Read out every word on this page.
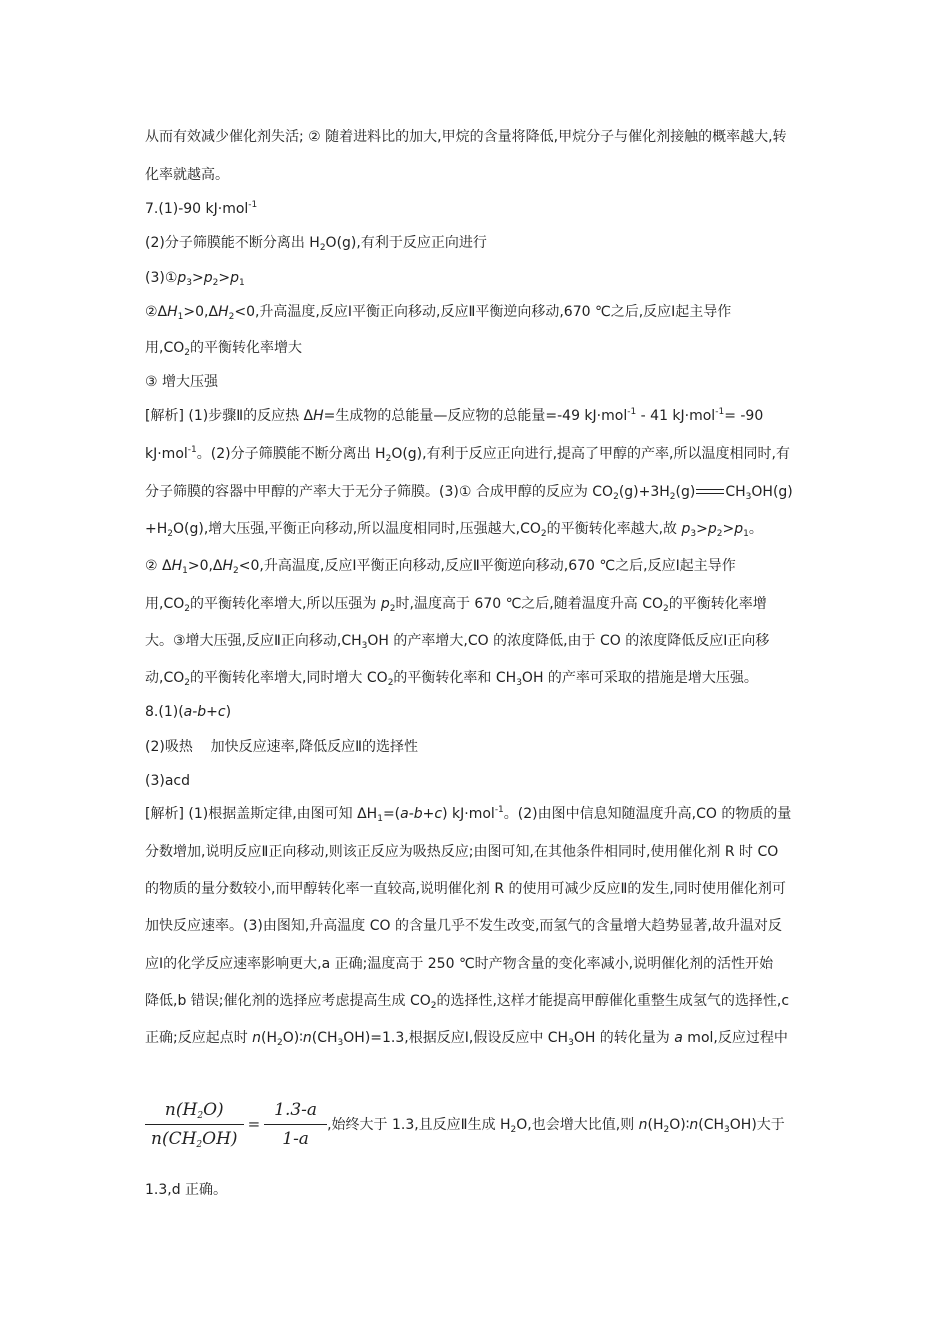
从而有效减少催化剂失活; ② 随着进料比的加大,甲烷的含量将降低,甲烷分子与催化剂接触的概率越大,转
化率就越高。
7.(1)-90 kJ·mol$^{-1}$
(2)分子筛膜能不断分离出 $H_2O(g)$,有利于反应正向进行
$(3)①p_3>p_2>p_1$
$②\Delta H_1>0,\Delta H_2<0$,升高温度,反应Ⅰ平衡正向移动,反应Ⅱ平衡逆向移动,670 ℃之后,反应Ⅰ起主导作
用$,CO_2$的平衡转化率增大
③ 增大压强
[解析] (1)步骤Ⅱ的反应热 ΔH=生成物的总能量—反应物的总能量=-49 kJ·mol$^{-1}$ - 41 kJ·mol$^{-1}$= -90
kJ·mol$^{-1}$。(2)分子筛膜能不断分离出 $H_2O(g)$,有利于反应正向进行,提高了甲醇的产率,所以温度相同时,有
分子筛膜的容器中甲醇的产率大于无分子筛膜。(3)① 合成甲醇的反应为 $CO_2(g)+3H_2(g)$ $CH_3OH(g)$
$+H_2O(g)$,增大压强,平衡正向移动,所以温度相同时,压强越大$,CO_2$的平衡转化率越大,故 $p_3>p_2>p_1$。
② $\Delta H_1>0,\Delta H_2<0$,升高温度,反应Ⅰ平衡正向移动,反应Ⅱ平衡逆向移动,670 ℃之后,反应Ⅰ起主导作
用$,CO_2$的平衡转化率增大,所以压强为 $p_2$时,温度高于 670 ℃之后,随着温度升高 $CO_2$的平衡转化率增
大。③增大压强,反应Ⅱ正向移动$,CH_3OH$ 的产率增大,CO 的浓度降低,由于 CO 的浓度降低反应Ⅰ正向移
动$,CO_2$的平衡转化率增大,同时增大 $CO_2$的平衡转化率和 $CH_3OH$ 的产率可采取的措施是增大压强。
8.(1)(a-b+c)
(2)吸热    加快反应速率,降低反应Ⅱ的选择性
(3)acd
[解析] (1)根据盖斯定律,由图可知 $\Delta H_1=(a-b+c)$ kJ·mol$^{-1}$。(2)由图中信息知随温度升高,CO 的物质的量
分数增加,说明反应Ⅱ正向移动,则该正反应为吸热反应;由图可知,在其他条件相同时,使用催化剂 R 时 CO
的物质的量分数较小,而甲醇转化率一直较高,说明催化剂 R 的使用可减少反应Ⅱ的发生,同时使用催化剂可
加快反应速率。(3)由图知,升高温度 CO 的含量几乎不发生改变,而氢气的含量增大趋势显著,故升温对反
应Ⅰ的化学反应速率影响更大,a 正确;温度高于 250 ℃时产物含量的变化率减小,说明催化剂的活性开始
降低,b 错误;催化剂的选择应考虑提高生成 $CO_2$的选择性,这样才能提高甲醇催化重整生成氢气的选择性,c
正确;反应起点时 $n(H_2O)∶n(CH_3OH)=1.3$,根据反应Ⅰ,假设反应中 $CH_3OH$ 的转化量为 a mol,反应过程中
$\frac{n(H_2O)}{n(CH_2OH)} = \frac{1.3-a}{1-a}$ ,始终大于 1.3,且反应Ⅱ生成 $H_2O$,也会增大比值,则 $n(H_2O)∶n(CH_3OH)$大于
1.3,d 正确。
